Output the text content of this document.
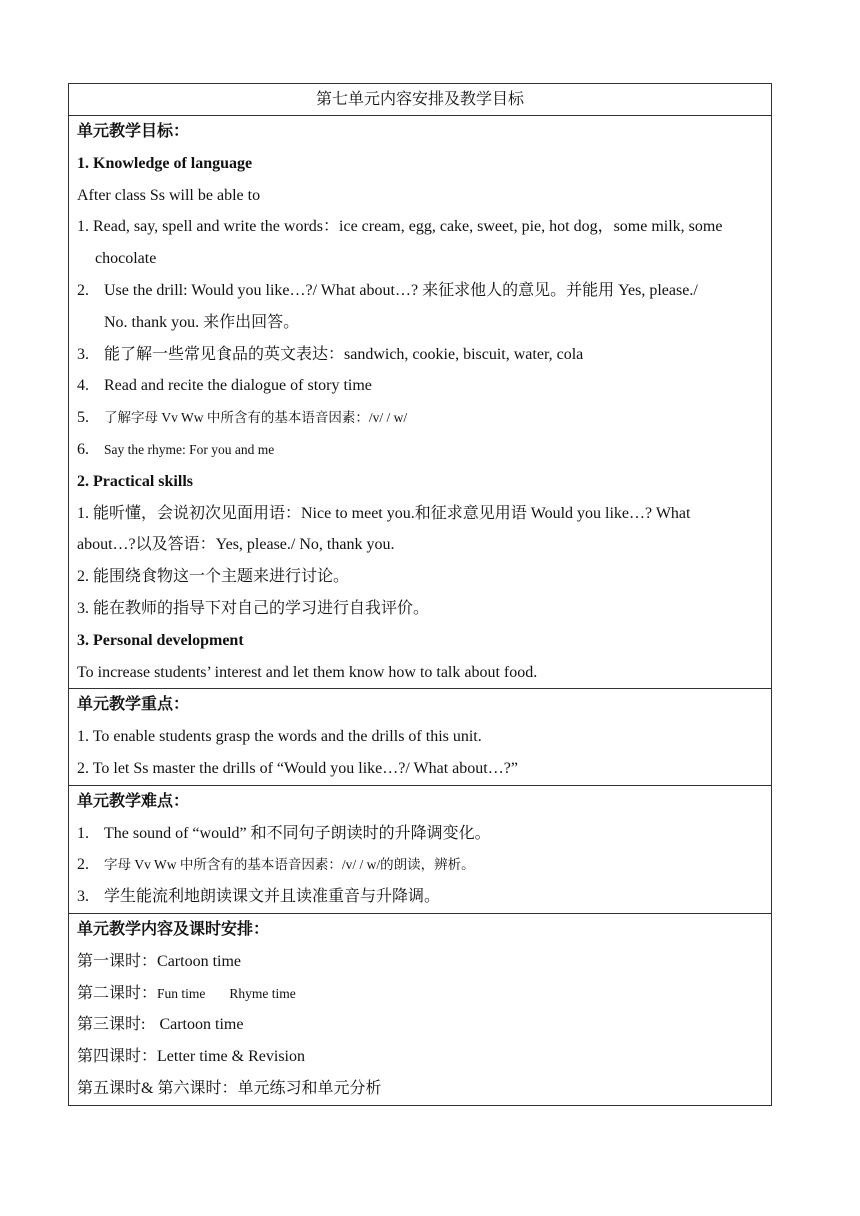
第七单元内容安排及教学目标

单元教学目标：
1. Knowledge of language
After class Ss will be able to
1. Read, say, spell and write the words：ice cream, egg, cake, sweet, pie, hot dog，some milk, some
chocolate
2. Use the drill: Would you like…?/ What about…? 来征求他人的意见。并能用 Yes, please./
No. thank you. 来作出回答。
3. 能了解一些常见食品的英文表达：sandwich, cookie, biscuit, water, cola
4. Read and recite the dialogue of story time
5. 了解字母 Vv Ww 中所含有的基本语音因素：/v/ / w/
6. Say the rhyme: For you and me
2. Practical skills
1. 能听懂，会说初次见面用语：Nice to meet you.和征求意见用语 Would you like…? What
about…?以及答语：Yes, please./ No, thank you.
2. 能围绕食物这一个主题来进行讨论。
3. 能在教师的指导下对自己的学习进行自我评价。
3. Personal development
To increase students’ interest and let them know how to talk about food.

单元教学重点：
1. To enable students grasp the words and the drills of this unit.
2. To let Ss master the drills of “Would you like…?/ What about…?”

单元教学难点：
1. The sound of “would” 和不同句子朗读时的升降调变化。
2. 字母 Vv Ww 中所含有的基本语音因素：/v/ / w/的朗读，辨析。
3. 学生能流利地朗读课文并且读准重音与升降调。

单元教学内容及课时安排：
第一课时：Cartoon time
第二课时：Fun time Rhyme time
第三课时: Cartoon time
第四课时：Letter time & Revision
第五课时& 第六课时：单元练习和单元分析
